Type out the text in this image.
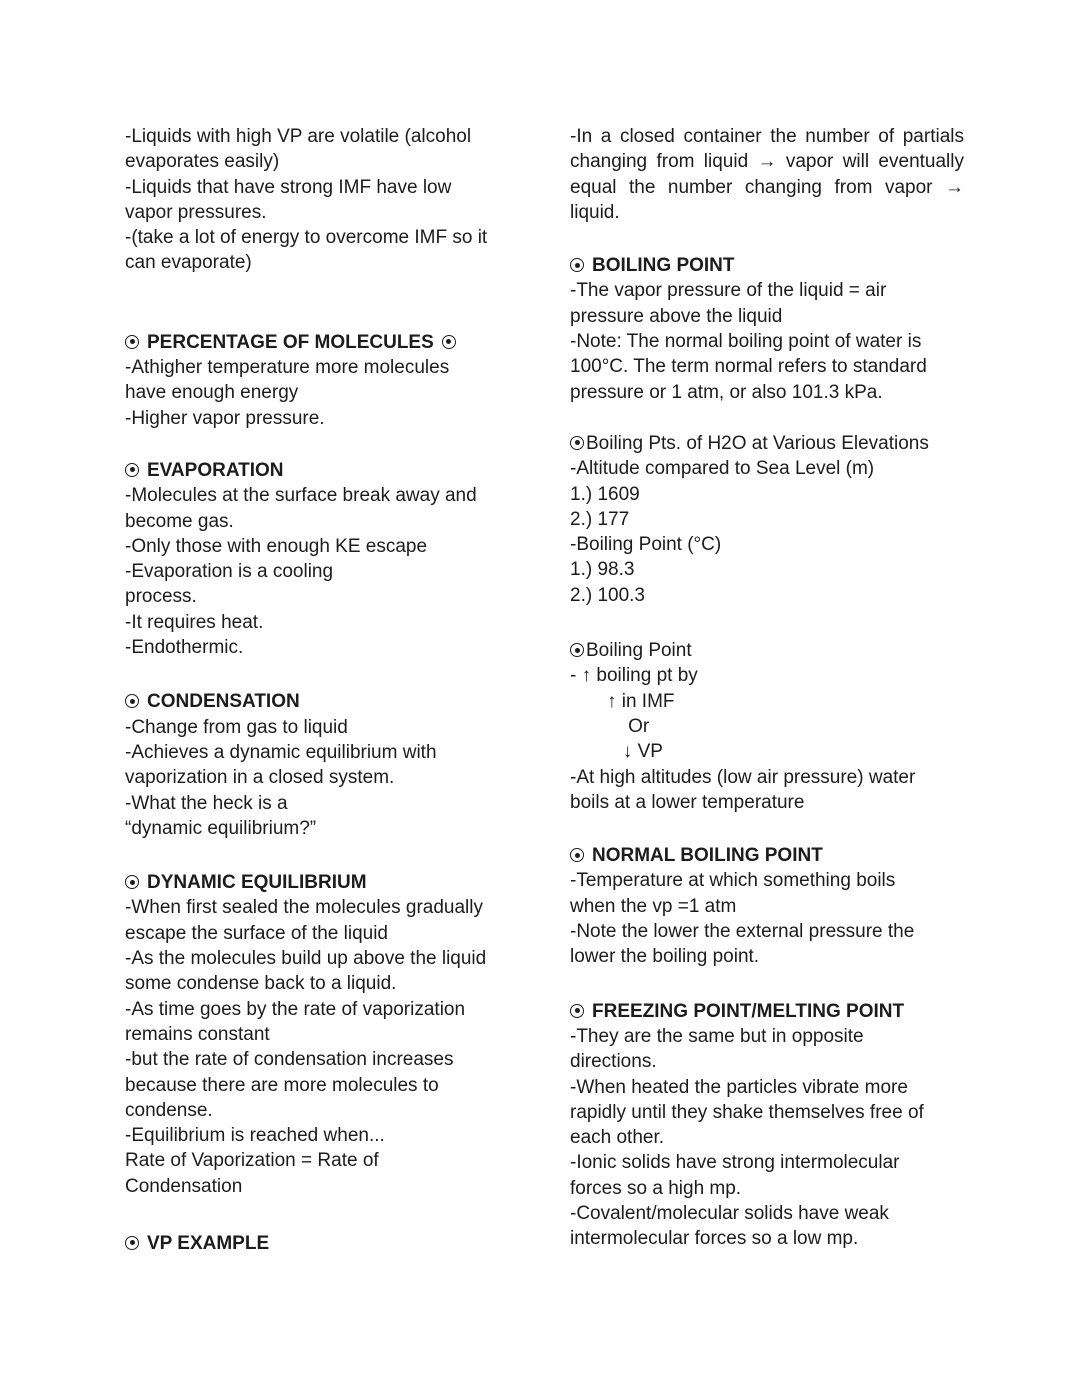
-Liquids with high VP are volatile (alcohol
evaporates easily)
-Liquids that have strong IMF have low
vapor pressures.
-(take a lot of energy to overcome IMF so it
can evaporate)
PERCENTAGE OF MOLECULES
-Athigher temperature more molecules
have enough energy
-Higher vapor pressure.
EVAPORATION
-Molecules at the surface break away and
become gas.
-Only those with enough KE escape
-Evaporation is a cooling
process.
-It requires heat.
-Endothermic.
CONDENSATION
-Change from gas to liquid
-Achieves a dynamic equilibrium with
vaporization in a closed system.
-What the heck is a
“dynamic equilibrium?”
DYNAMIC EQUILIBRIUM
-When first sealed the molecules gradually
escape the surface of the liquid
-As the molecules build up above the liquid
some condense back to a liquid.
-As time goes by the rate of vaporization
remains constant
-but the rate of condensation increases
because there are more molecules to
condense.
-Equilibrium is reached when...
Rate of Vaporization = Rate of
Condensation
VP EXAMPLE
-In a closed container the number of partials
changing from liquid → vapor will eventually
equal the number changing from vapor →
liquid.
BOILING POINT
-The vapor pressure of the liquid = air
pressure above the liquid
-Note: The normal boiling point of water is
100°C. The term normal refers to standard
pressure or 1 atm, or also 101.3 kPa.
Boiling Pts. of H2O at Various Elevations
-Altitude compared to Sea Level (m)
1.) 1609
2.) 177
-Boiling Point (°C)
1.) 98.3
2.) 100.3
Boiling Point
- ↑ boiling pt by
↑ in IMF
Or
↓ VP
-At high altitudes (low air pressure) water
boils at a lower temperature
NORMAL BOILING POINT
-Temperature at which something boils
when the vp =1 atm
-Note the lower the external pressure the
lower the boiling point.
FREEZING POINT/MELTING POINT
-They are the same but in opposite
directions.
-When heated the particles vibrate more
rapidly until they shake themselves free of
each other.
-Ionic solids have strong intermolecular
forces so a high mp.
-Covalent/molecular solids have weak
intermolecular forces so a low mp.
